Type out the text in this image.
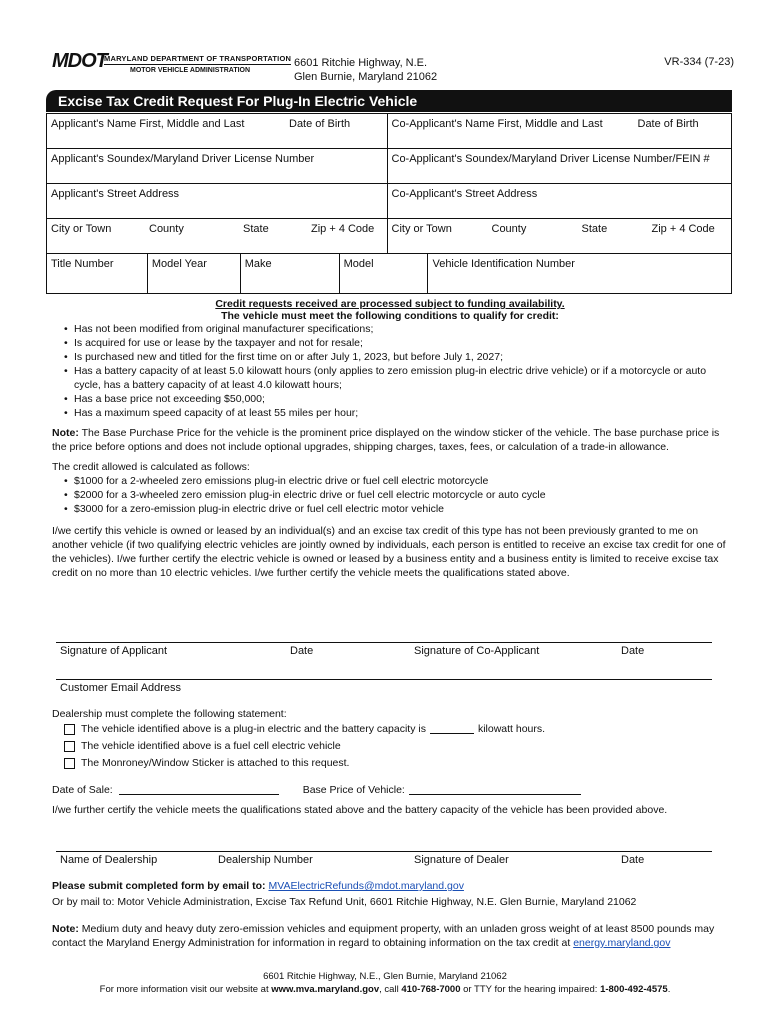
MDOT
MARYLAND DEPARTMENT OF TRANSPORTATION
MOTOR VEHICLE ADMINISTRATION
6601 Ritchie Highway, N.E.
Glen Burnie, Maryland 21062
VR-334 (7-23)
Excise Tax Credit Request For Plug-In Electric Vehicle
Applicant's Name First, Middle and Last	Date of Birth	Co-Applicant's Name First, Middle and Last	Date of Birth
Applicant's Soundex/Maryland Driver License Number	Co-Applicant's Soundex/Maryland Driver License Number/FEIN #
Applicant's Street Address	Co-Applicant's Street Address
City or Town	County	State	Zip + 4 Code	City or Town	County	State	Zip + 4 Code
Title Number	Model Year	Make	Model	Vehicle Identification Number
Credit requests received are processed subject to funding availability.
The vehicle must meet the following conditions to qualify for credit:
• Has not been modified from original manufacturer specifications;
• Is acquired for use or lease by the taxpayer and not for resale;
• Is purchased new and titled for the first time on or after July 1, 2023, but before July 1, 2027;
• Has a battery capacity of at least 5.0 kilowatt hours (only applies to zero emission plug-in electric drive vehicle) or if a motorcycle or auto cycle, has a battery capacity of at least 4.0 kilowatt hours;
• Has a base price not exceeding $50,000;
• Has a maximum speed capacity of at least 55 miles per hour;

Note: The Base Purchase Price for the vehicle is the prominent price displayed on the window sticker of the vehicle. The base purchase price is the price before options and does not include optional upgrades, shipping charges, taxes, fees, or calculation of a trade-in allowance.

The credit allowed is calculated as follows:

• $1000 for a 2-wheeled zero emissions plug-in electric drive or fuel cell electric motorcycle
• $2000 for a 3-wheeled zero emission plug-in electric drive or fuel cell electric motorcycle or auto cycle
• $3000 for a zero-emission plug-in electric drive or fuel cell electric motor vehicle

I/we certify this vehicle is owned or leased by an individual(s) and an excise tax credit of this type has not been previously granted to me on another vehicle (if two qualifying electric vehicles are jointly owned by individuals, each person is entitled to receive an excise tax credit for one of the vehicles). I/we further certify the electric vehicle is owned or leased by a business entity and a business entity is limited to receive excise tax credit on no more than 10 electric vehicles. I/we further certify the vehicle meets the qualifications stated above.

Signature of Applicant	Date	Signature of Co-Applicant	Date
Customer Email Address
Dealership must complete the following statement:
The vehicle identified above is a plug-in electric and the battery capacity is	kilowatt hours.
The vehicle identified above is a fuel cell electric vehicle
The Monroney/Window Sticker is attached to this request.
Date of Sale:	Base Price of Vehicle:

I/we further certify the vehicle meets the qualifications stated above and the battery capacity of the vehicle has been provided above.

Name of Dealership	Dealership Number	Signature of Dealer	Date
Please submit completed form by email to: MVAElectricRefunds@mdot.maryland.gov
Or by mail to: Motor Vehicle Administration, Excise Tax Refund Unit, 6601 Ritchie Highway, N.E. Glen Burnie, Maryland 21062

Note: Medium duty and heavy duty zero-emission vehicles and equipment property, with an unladen gross weight of at least 8500 pounds may contact the Maryland Energy Administration for information in regard to obtaining information on the tax credit at energy.maryland.gov

6601 Ritchie Highway, N.E., Glen Burnie, Maryland 21062
For more information visit our website at www.mva.maryland.gov, call 410-768-7000 or TTY for the hearing impaired: 1-800-492-4575.
